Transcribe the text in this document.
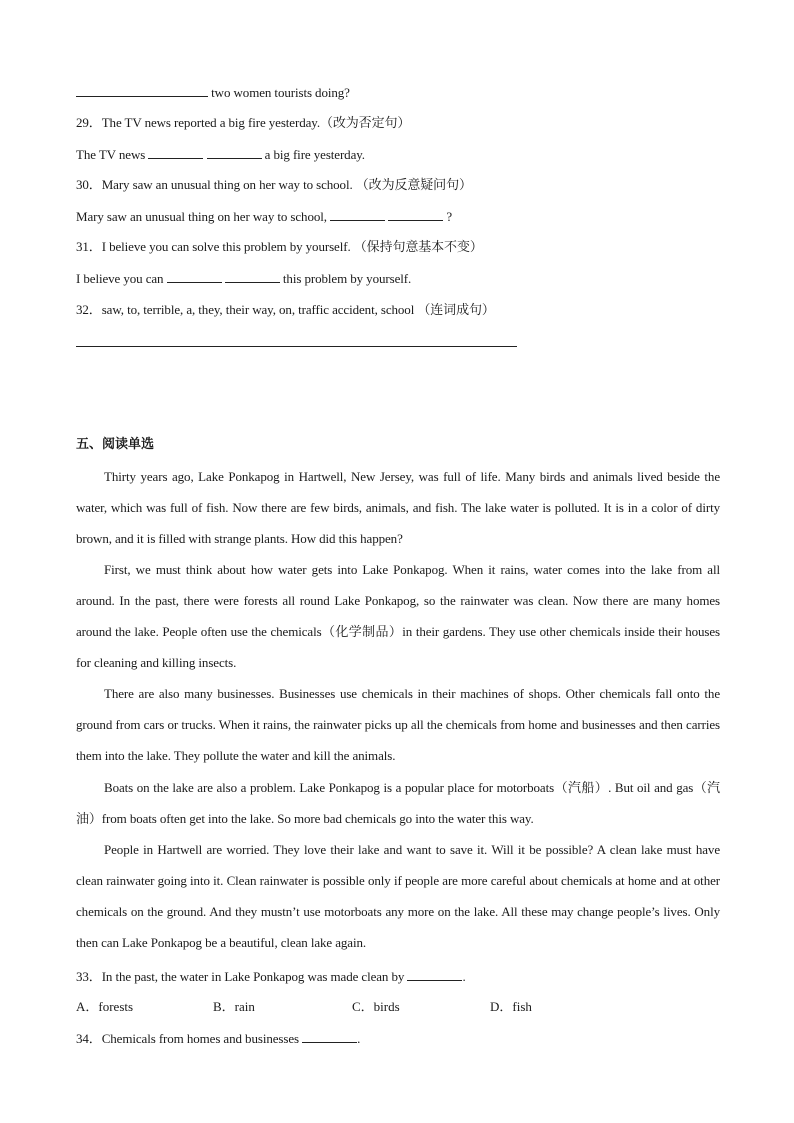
two women tourists doing?
29．The TV news reported a big fire yesterday.（改为否定句）
The TV news	a big fire yesterday.
30．Mary saw an unusual thing on her way to school. （改为反意疑问句）
Mary saw an unusual thing on her way to school,	?
31．I believe you can solve this problem by yourself. （保持句意基本不变）
I believe you can	this problem by yourself.
32．saw, to, terrible, a, they, their way, on, traffic accident, school （连词成句）
五、阅读单选
Thirty years ago, Lake Ponkapog in Hartwell, New Jersey, was full of life. Many birds and animals lived beside the water, which was full of fish. Now there are few birds, animals, and fish. The lake water is polluted. It is in a color of dirty brown, and it is filled with strange plants. How did this happen?
First, we must think about how water gets into Lake Ponkapog. When it rains, water comes into the lake from all around. In the past, there were forests all round Lake Ponkapog, so the rainwater was clean. Now there are many homes around the lake. People often use the chemicals（化学制品）in their gardens. They use other chemicals inside their houses for cleaning and killing insects.
There are also many businesses. Businesses use chemicals in their machines of shops. Other chemicals fall onto the ground from cars or trucks. When it rains, the rainwater picks up all the chemicals from home and businesses and then carries them into the lake. They pollute the water and kill the animals.
Boats on the lake are also a problem. Lake Ponkapog is a popular place for motorboats（汽船）. But oil and gas（汽油）from boats often get into the lake. So more bad chemicals go into the water this way.
People in Hartwell are worried. They love their lake and want to save it. Will it be possible? A clean lake must have clean rainwater going into it. Clean rainwater is possible only if people are more careful about chemicals at home and at other chemicals on the ground. And they mustn’t use motorboats any more on the lake. All these may change people’s lives. Only then can Lake Ponkapog be a beautiful, clean lake again.
33．In the past, the water in Lake Ponkapog was made clean by	.
A．forests	B．rain	C．birds	D．fish
34．Chemicals from homes and businesses	.
